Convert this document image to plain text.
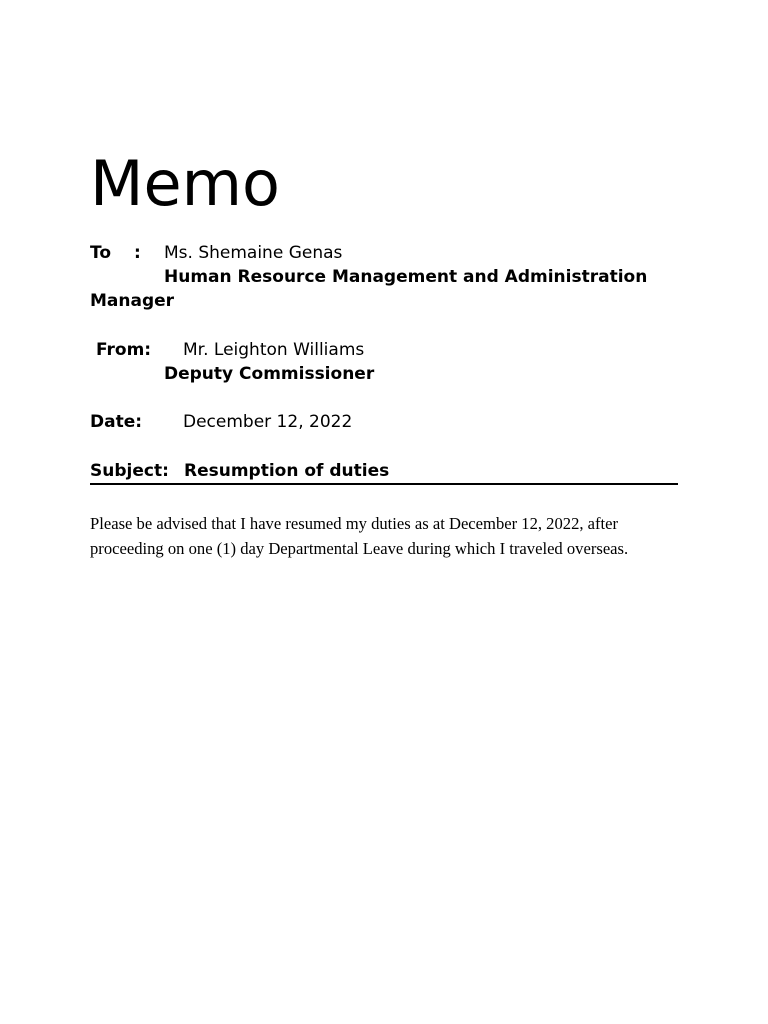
Memo
To : Ms. Shemaine Genas
Human Resource Management and Administration
Manager
From: Mr. Leighton Williams
Deputy Commissioner
Date: December 12, 2022
Subject: Resumption of duties
Please be advised that I have resumed my duties as at December 12, 2022, after
proceeding on one (1) day Departmental Leave during which I traveled overseas.
